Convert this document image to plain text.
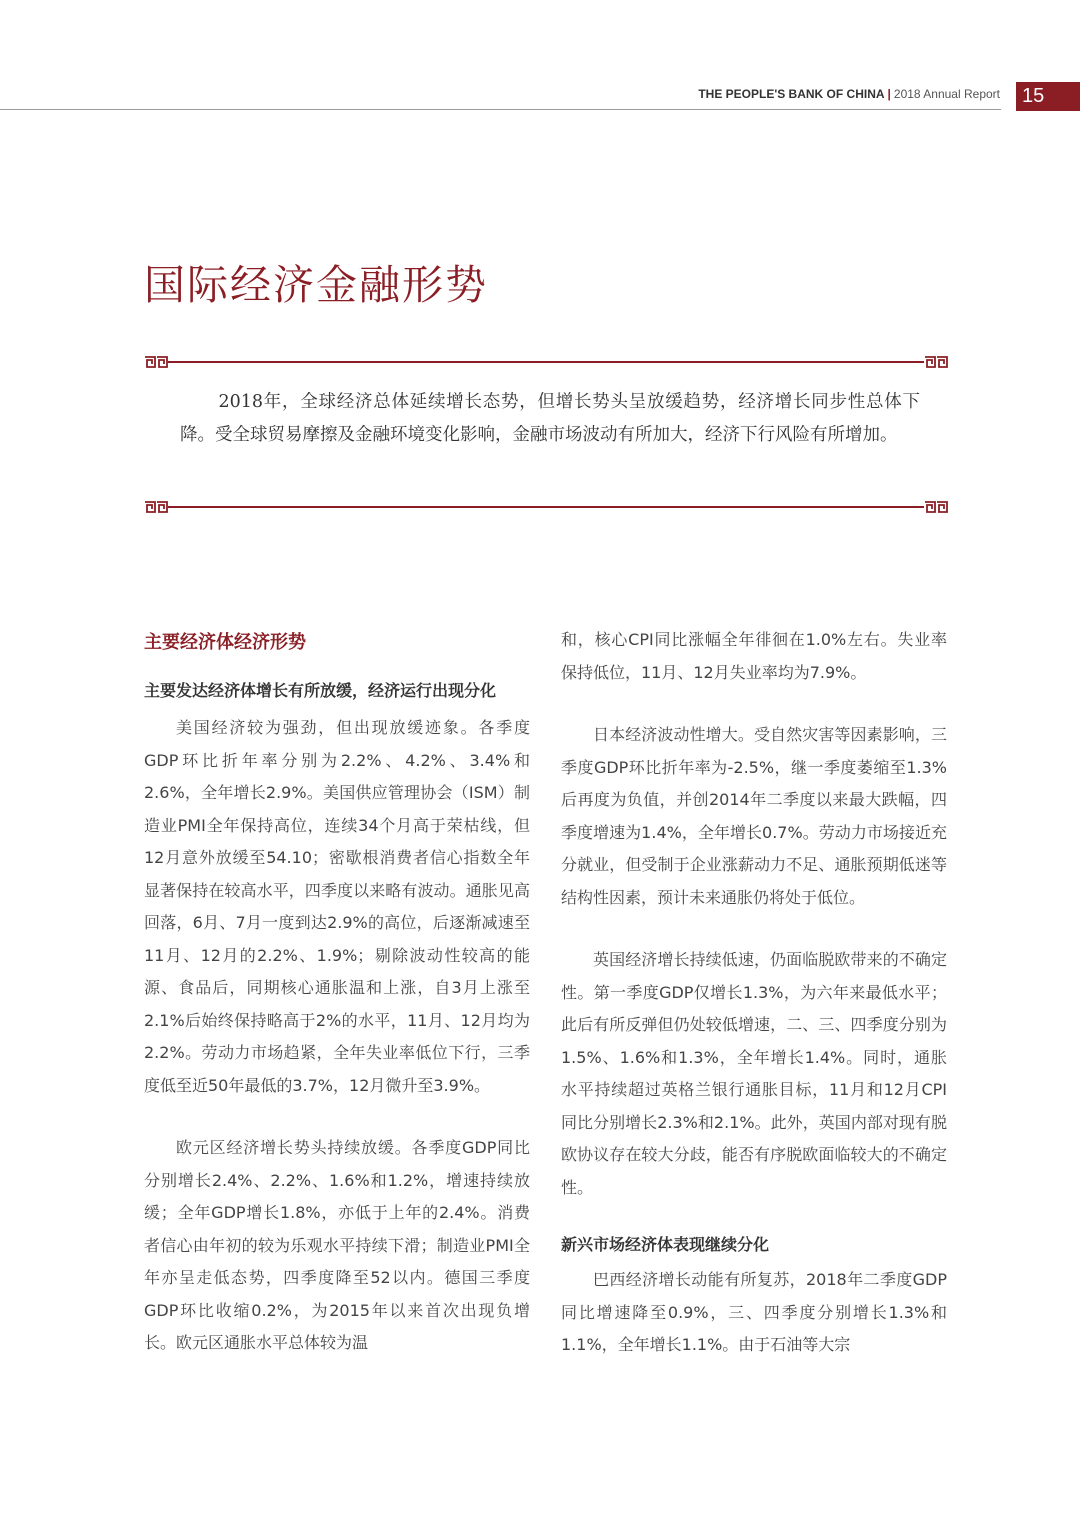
THE PEOPLE'S BANK OF CHINA | 2018 Annual Report	15
国际经济金融形势

2018年，全球经济总体延续增长态势，但增长势头呈放缓趋势，经济增长同步性总体下降。受全球贸易摩擦及金融环境变化影响，金融市场波动有所加大，经济下行风险有所增加。

主要经济体经济形势
主要发达经济体增长有所放缓，经济运行出现分化

美国经济较为强劲，但出现放缓迹象。各季度GDP环比折年率分别为2.2%、4.2%、3.4%和2.6%，全年增长2.9%。美国供应管理协会（ISM）制造业PMI全年保持高位，连续34个月高于荣枯线，但12月意外放缓至54.10；密歇根消费者信心指数全年显著保持在较高水平，四季度以来略有波动。通胀见高回落，6月、7月一度到达2.9%的高位，后逐渐减速至11月、12月的2.2%、1.9%；剔除波动性较高的能源、食品后，同期核心通胀温和上涨，自3月上涨至2.1%后始终保持略高于2%的水平，11月、12月均为2.2%。劳动力市场趋紧，全年失业率低位下行，三季度低至近50年最低的3.7%，12月微升至3.9%。

欧元区经济增长势头持续放缓。各季度GDP同比分别增长2.4%、2.2%、1.6%和1.2%，增速持续放缓；全年GDP增长1.8%，亦低于上年的2.4%。消费者信心由年初的较为乐观水平持续下滑；制造业PMI全年亦呈走低态势，四季度降至52以内。德国三季度GDP环比收缩0.2%，为2015年以来首次出现负增长。欧元区通胀水平总体较为温

和，核心CPI同比涨幅全年徘徊在1.0%左右。失业率保持低位，11月、12月失业率均为7.9%。

日本经济波动性增大。受自然灾害等因素影响，三季度GDP环比折年率为-2.5%，继一季度萎缩至1.3%后再度为负值，并创2014年二季度以来最大跌幅，四季度增速为1.4%，全年增长0.7%。劳动力市场接近充分就业，但受制于企业涨薪动力不足、通胀预期低迷等结构性因素，预计未来通胀仍将处于低位。

英国经济增长持续低速，仍面临脱欧带来的不确定性。第一季度GDP仅增长1.3%，为六年来最低水平；此后有所反弹但仍处较低增速，二、三、四季度分别为1.5%、1.6%和1.3%，全年增长1.4%。同时，通胀水平持续超过英格兰银行通胀目标，11月和12月CPI同比分别增长2.3%和2.1%。此外，英国内部对现有脱欧协议存在较大分歧，能否有序脱欧面临较大的不确定性。

新兴市场经济体表现继续分化

巴西经济增长动能有所复苏，2018年二季度GDP同比增速降至0.9%，三、四季度分别增长1.3%和1.1%，全年增长1.1%。由于石油等大宗
